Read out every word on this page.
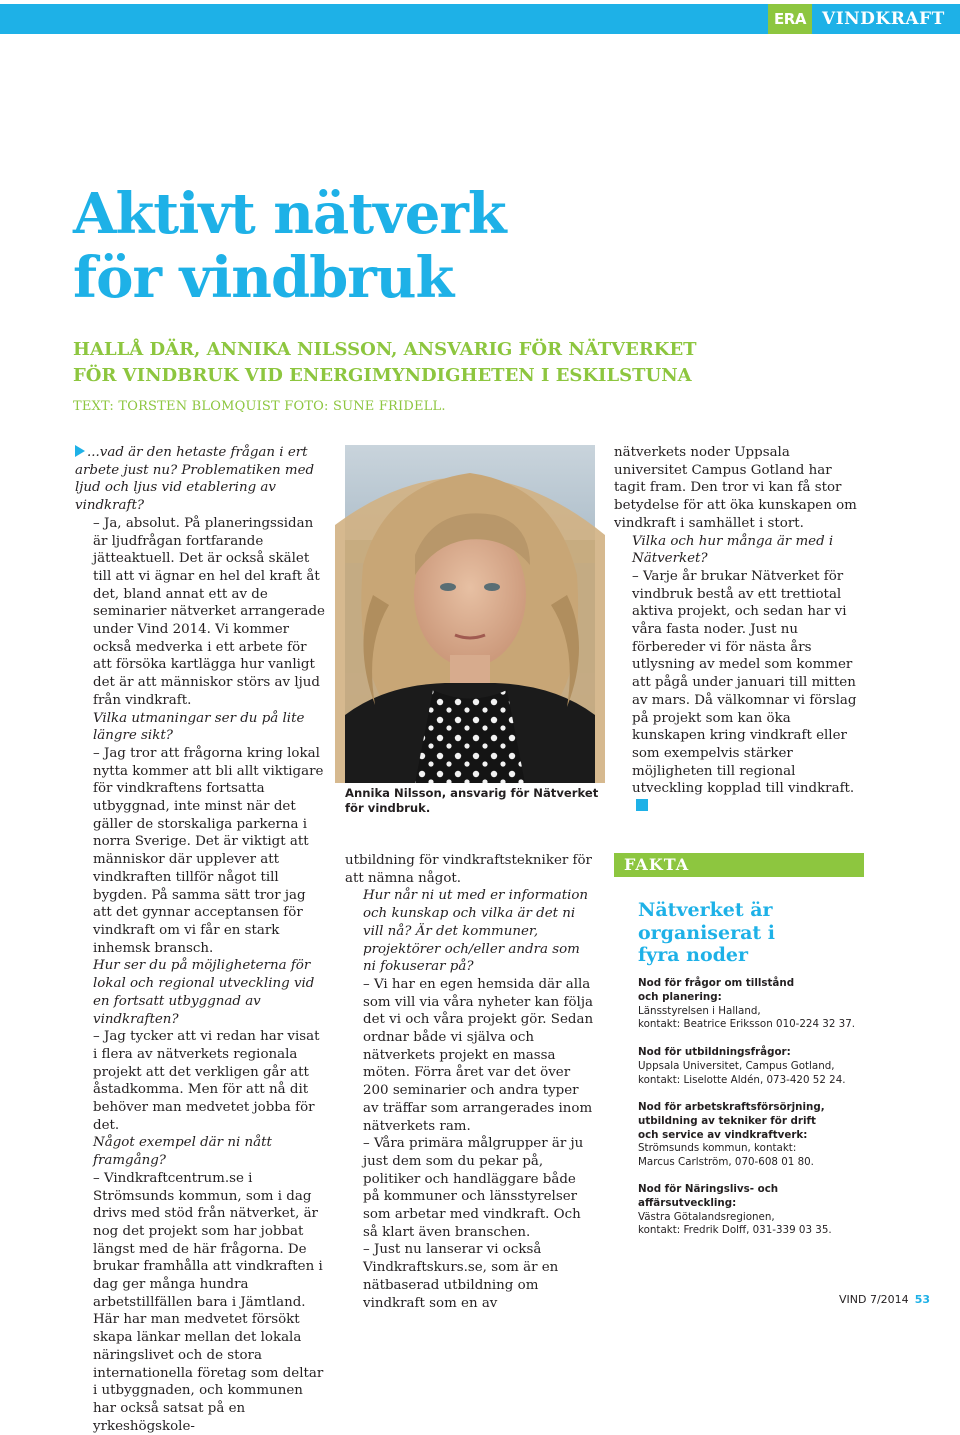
ERA VINDKRAFT
Aktivt nätverk
för vindbruk
HALLÅ DÄR, ANNIKA NILSSON, ANSVARIG FÖR NÄTVERKET
FÖR VINDBRUK VID ENERGIMYNDIGHETEN I ESKILSTUNA
TEXT: TORSTEN BLOMQUIST FOTO: SUNE FRIDELL.

...vad är den hetaste frågan i ert arbete just nu? Problematiken med ljud och ljus vid etablering av vindkraft?

– Ja, absolut. På planeringssidan är ljudfrågan fortfarande jätteaktuell. Det är också skälet till att vi ägnar en hel del kraft åt det, bland annat ett av de seminarier nätverket arrangerade under Vind 2014. Vi kommer också medverka i ett arbete för att försöka kartlägga hur vanligt det är att människor störs av ljud från vindkraft.

Vilka utmaningar ser du på lite längre sikt?

– Jag tror att frågorna kring lokal nytta kommer att bli allt viktigare för vindkraftens fortsatta utbyggnad, inte minst när det gäller de storskaliga parkerna i norra Sverige. Det är viktigt att människor där upplever att vindkraften tillför något till bygden. På samma sätt tror jag att det gynnar acceptansen för vindkraft om vi får en stark inhemsk bransch.

Hur ser du på möjligheterna för lokal och regional utveckling vid en fortsatt utbyggnad av vindkraften?

– Jag tycker att vi redan har visat i flera av nätverkets regionala projekt att det verkligen går att åstadkomma. Men för att nå dit behöver man medvetet jobba för det.

Något exempel där ni nått framgång?

– Vindkraftcentrum.se i Strömsunds kommun, som i dag drivs med stöd från nätverket, är nog det projekt som har jobbat längst med de här frågorna. De brukar framhålla att vindkraften i dag ger många hundra arbetstillfällen bara i Jämtland. Här har man medvetet försökt skapa länkar mellan det lokala näringslivet och de stora internationella företag som deltar i utbyggnaden, och kommunen har också satsat på en yrkeshögskole-

Annika Nilsson, ansvarig för Nätverket för vindbruk.

utbildning för vindkraftstekniker för att nämna något.

Hur når ni ut med er information och kunskap och vilka är det ni vill nå? Är det kommuner, projektörer och/eller andra som ni fokuserar på?

– Vi har en egen hemsida där alla som vill via våra nyheter kan följa det vi och våra projekt gör. Sedan ordnar både vi själva och nätverkets projekt en massa möten. Förra året var det över 200 seminarier och andra typer av träffar som arrangerades inom nätverkets ram.

– Våra primära målgrupper är ju just dem som du pekar på, politiker och handläggare både på kommuner och länsstyrelser som arbetar med vindkraft. Och så klart även branschen.

– Just nu lanserar vi också Vindkraftskurs.se, som är en nätbaserad utbildning om vindkraft som en av

nätverkets noder Uppsala universitet Campus Gotland har tagit fram. Den tror vi kan få stor betydelse för att öka kunskapen om vindkraft i samhället i stort.

Vilka och hur många är med i Nätverket?

– Varje år brukar Nätverket för vindbruk bestå av ett trettiotal aktiva projekt, och sedan har vi våra fasta noder. Just nu förbereder vi för nästa års utlysning av medel som kommer att pågå under januari till mitten av mars. Då välkomnar vi förslag på projekt som kan öka kunskapen kring vindkraft eller som exempelvis stärker möjligheten till regional utveckling kopplad till vindkraft.

FAKTA
Nätverket är
organiserat i
fyra noder
Nod för frågor om tillstånd
och planering:
Länsstyrelsen i Halland,
kontakt: Beatrice Eriksson 010-224 32 37.
Nod för utbildningsfrågor:
Uppsala Universitet, Campus Gotland,
kontakt: Liselotte Aldén, 073-420 52 24.
Nod för arbetskraftsförsörjning,
utbildning av tekniker för drift
och service av vindkraftverk:
Strömsunds kommun, kontakt:
Marcus Carlström, 070-608 01 80.
Nod för Näringslivs- och
affärsutveckling:
Västra Götalandsregionen,
kontakt: Fredrik Dolff, 031-339 03 35.
VIND 7/2014 53
